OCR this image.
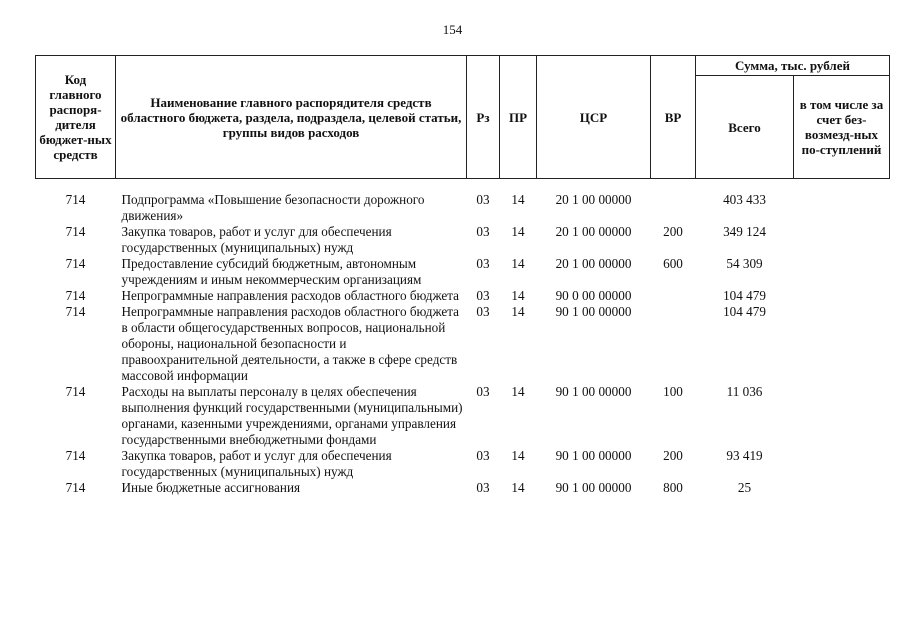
154
Код главного распоря-дителя бюджет-ных средств	Наименование главного распорядителя средств областного бюджета, раздела, подраздела, целевой статьи, группы видов расходов	Рз	ПР	ЦСР	ВР	Сумма, тыс. рублей	
						Всего	в том числе за счет без-возмезд-ных по-ступлений

714	Подпрограмма «Повышение безопасности дорожного движения»	03	14	20 1 00 00000		403 433	
714	Закупка товаров, работ и услуг для обеспечения государственных (муниципальных) нужд	03	14	20 1 00 00000	200	349 124	
714	Предоставление субсидий бюджетным, автономным учреждениям и иным некоммерческим организациям	03	14	20 1 00 00000	600	54 309	
714	Непрограммные направления расходов областного бюджета	03	14	90 0 00 00000		104 479	
714	Непрограммные направления расходов областного бюджета в области общегосударственных вопросов, национальной обороны, национальной безопасности и правоохранительной деятельности, а также в сфере средств массовой информации	03	14	90 1 00 00000		104 479	
714	Расходы на выплаты персоналу в целях обеспечения выполнения функций государственными (муниципальными) органами, казенными учреждениями, органами управления государственными внебюджетными фондами	03	14	90 1 00 00000	100	11 036	
714	Закупка товаров, работ и услуг для обеспечения государственных (муниципальных) нужд	03	14	90 1 00 00000	200	93 419	
714	Иные бюджетные ассигнования	03	14	90 1 00 00000	800	25	
